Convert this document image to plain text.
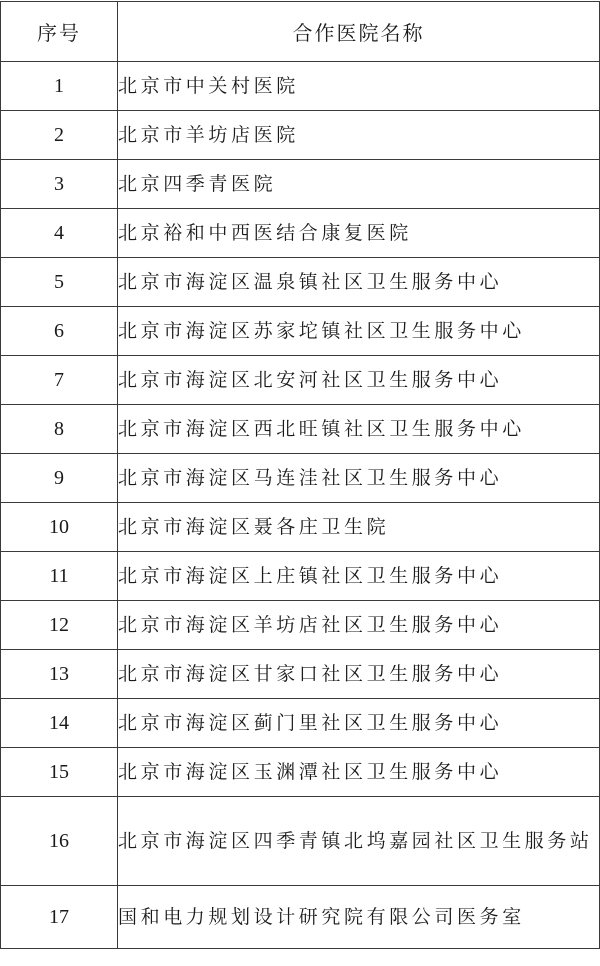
序号	合作医院名称
1	北京市中关村医院
2	北京市羊坊店医院
3	北京四季青医院
4	北京裕和中西医结合康复医院
5	北京市海淀区温泉镇社区卫生服务中心
6	北京市海淀区苏家坨镇社区卫生服务中心
7	北京市海淀区北安河社区卫生服务中心
8	北京市海淀区西北旺镇社区卫生服务中心
9	北京市海淀区马连洼社区卫生服务中心
10	北京市海淀区聂各庄卫生院
11	北京市海淀区上庄镇社区卫生服务中心
12	北京市海淀区羊坊店社区卫生服务中心
13	北京市海淀区甘家口社区卫生服务中心
14	北京市海淀区蓟门里社区卫生服务中心
15	北京市海淀区玉渊潭社区卫生服务中心
16	北京市海淀区四季青镇北坞嘉园社区卫生服务站
17	国和电力规划设计研究院有限公司医务室
